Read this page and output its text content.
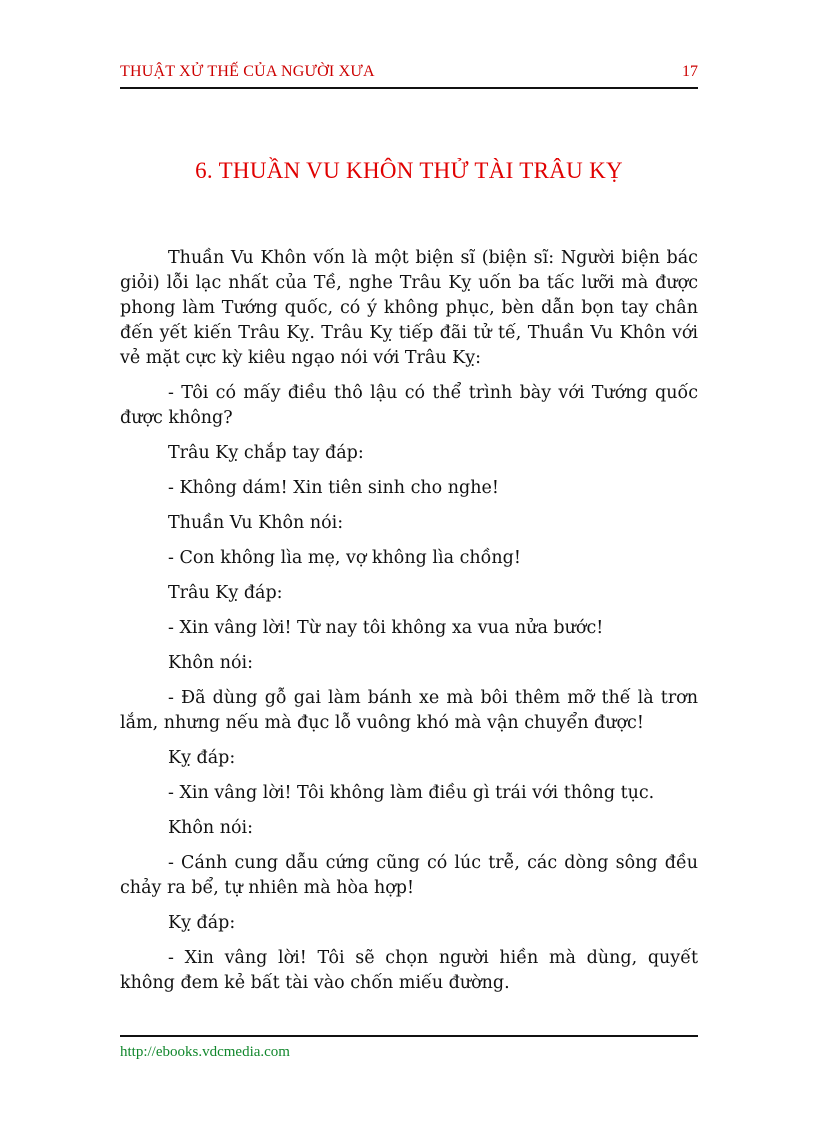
THUẬT XỬ THẾ CỦA NGƯỜI XƯA	17
6. THUẦN VU KHÔN THỬ TÀI TRÂU KỴ

Thuần Vu Khôn vốn là một biện sĩ (biện sĩ: Người biện bác giỏi) lỗi lạc nhất của Tề, nghe Trâu Kỵ uốn ba tấc lưỡi mà được phong làm Tướng quốc, có ý không phục, bèn dẫn bọn tay chân đến yết kiến Trâu Kỵ. Trâu Kỵ tiếp đãi tử tế, Thuần Vu Khôn với vẻ mặt cực kỳ kiêu ngạo nói với Trâu Kỵ:

- Tôi có mấy điều thô lậu có thể trình bày với Tướng quốc được không?

Trâu Kỵ chắp tay đáp:

- Không dám! Xin tiên sinh cho nghe!

Thuần Vu Khôn nói:

- Con không lìa mẹ, vợ không lìa chồng!

Trâu Kỵ đáp:

- Xin vâng lời! Từ nay tôi không xa vua nửa bước!

Khôn nói:

- Đã dùng gỗ gai làm bánh xe mà bôi thêm mỡ thế là trơn lắm, nhưng nếu mà đục lỗ vuông khó mà vận chuyển được!

Kỵ đáp:

- Xin vâng lời! Tôi không làm điều gì trái với thông tục.

Khôn nói:

- Cánh cung dẫu cứng cũng có lúc trễ, các dòng sông đều chảy ra bể, tự nhiên mà hòa hợp!

Kỵ đáp:

- Xin vâng lời! Tôi sẽ chọn người hiền mà dùng, quyết không đem kẻ bất tài vào chốn miếu đường.

http://ebooks.vdcmedia.com
